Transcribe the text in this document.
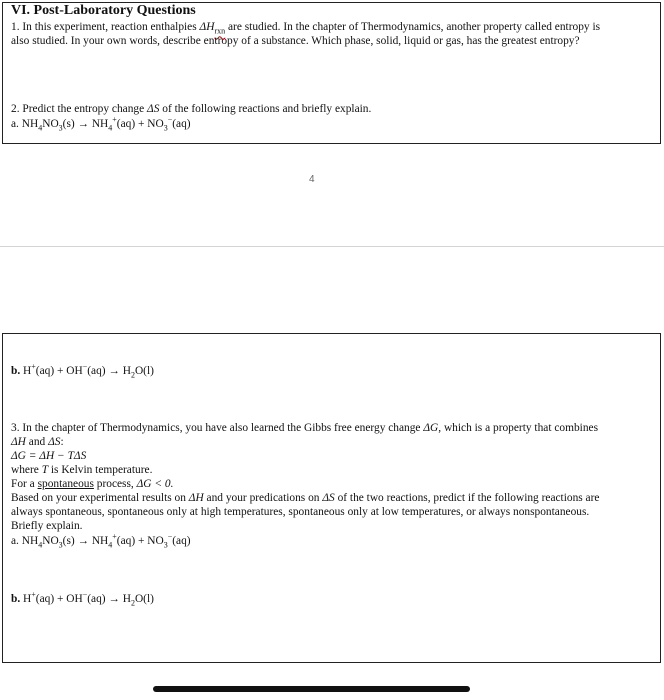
VI. Post-Laboratory Questions
1. In this experiment, reaction enthalpies $\Delta H_{rxn}$ are studied. In the chapter of Thermodynamics, another property called entropy is
also studied. In your own words, describe entropy of a substance. Which phase, solid, liquid or gas, has the greatest entropy?
2. Predict the entropy change ΔS of the following reactions and briefly explain.
a. $NH_4NO_3(s) \to NH_4^+(aq) + NO_3^-(aq)$
4
b. $H^+(aq) + OH^-(aq) \to H_2O(l)$
3. In the chapter of Thermodynamics, you have also learned the Gibbs free energy change ΔG, which is a property that combines
ΔH and ΔS:
ΔG = ΔH − TΔS
where T is Kelvin temperature.
For a spontaneous process, ΔG < 0.
Based on your experimental results on ΔH and your predications on ΔS of the two reactions, predict if the following reactions are
always spontaneous, spontaneous only at high temperatures, spontaneous only at low temperatures, or always nonspontaneous.
Briefly explain.
a. $NH_4NO_3(s) \to NH_4^+(aq) + NO_3^-(aq)$
b. $H^+(aq) + OH^-(aq) \to H_2O(l)$
